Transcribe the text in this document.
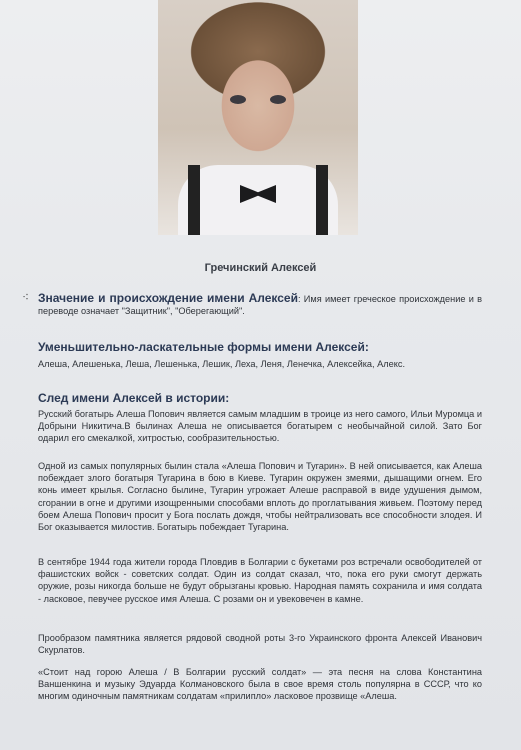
Гречинский Алексей
⁖ Значение и происхождение имени Алексей: Имя имеет греческое происхождение и в переводе означает "Защитник", "Оберегающий".
Уменьшительно-ласкательные формы имени Алексей:
Алеша, Алешенька, Леша, Лешенька, Лешик, Леха, Леня, Ленечка, Алексейка, Алекс.
След имени Алексей в истории:
Русский богатырь Алеша Попович является самым младшим в троице из него самого, Ильи Муромца и Добрыни Никитича.В былинах Алеша не описывается богатырем с необычайной силой. Зато Бог одарил его смекалкой, хитростью, сообразительностью.
Одной из самых популярных былин стала «Алеша Попович и Тугарин». В ней описывается, как Алеша побеждает злого богатыря Тугарина в бою в Киеве. Тугарин окружен змеями, дышащими огнем. Его конь имеет крылья. Согласно былине, Тугарин угрожает Алеше расправой в виде удушения дымом, сгорании в огне и другими изощренными способами вплоть до проглатывания живьем. Поэтому перед боем Алеша Попович просит у Бога послать дождя, чтобы нейтрализовать все способности злодея. И Бог оказывается милостив. Богатырь побеждает Тугарина.
В сентябре 1944 года жители города Пловдив в Болгарии с букетами роз встречали освободителей от фашистских войск - советских солдат. Один из солдат сказал, что, пока его руки смогут держать оружие, розы никогда больше не будут обрызганы кровью. Народная память сохранила и имя солдата - ласковое, певучее русское имя Алеша. С розами он и увековечен в камне.
Прообразом памятника является рядовой сводной роты 3-го Украинского фронта Алексей Иванович Скурлатов.
«Стоит над горою Алеша / В Болгарии русский солдат» — эта песня на слова Константина Ваншенкина и музыку Эдуарда Колмановского была в свое время столь популярна в СССР, что ко многим одиночным памятникам солдатам «прилипло» ласковое прозвище «Алеша.
